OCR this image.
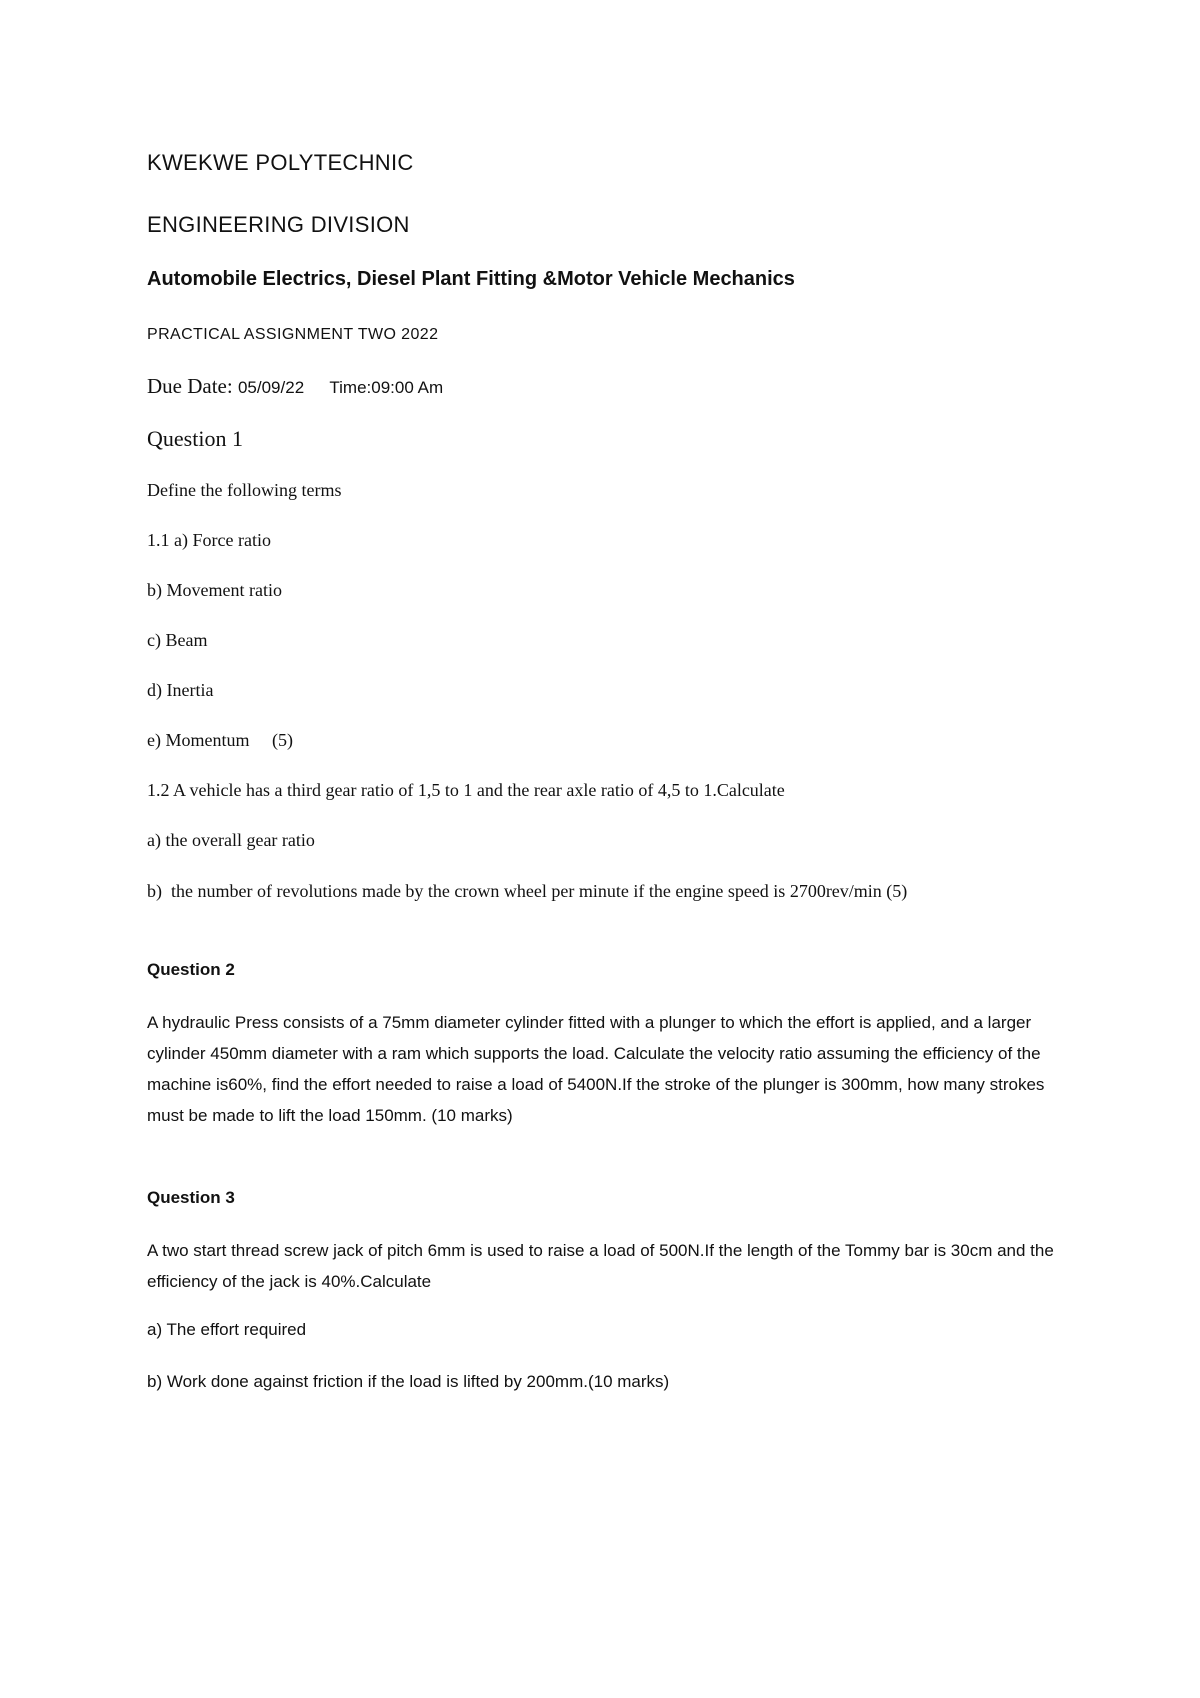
KWEKWE POLYTECHNIC
ENGINEERING DIVISION
Automobile Electrics, Diesel Plant Fitting &Motor Vehicle Mechanics
PRACTICAL ASSIGNMENT TWO 2022
Due Date: 05/09/22 Time:09:00 Am
Question 1
Define the following terms
1.1 a) Force ratio
b) Movement ratio
c) Beam
d) Inertia
e) Momentum     (5)
1.2 A vehicle has a third gear ratio of 1,5 to 1 and the rear axle ratio of 4,5 to 1.Calculate
a) the overall gear ratio
b)  the number of revolutions made by the crown wheel per minute if the engine speed is 2700rev/min (5)
Question 2
A hydraulic Press consists of a 75mm diameter cylinder fitted with a plunger to which the effort is applied, and a larger cylinder 450mm diameter with a ram which supports the load. Calculate the velocity ratio assuming the efficiency of the machine is60%, find the effort needed to raise a load of 5400N.If the stroke of the plunger is 300mm, how many strokes must be made to lift the load 150mm. (10 marks)
Question 3
A two start thread screw jack of pitch 6mm is used to raise a load of 500N.If the length of the Tommy bar is 30cm and the efficiency of the jack is 40%.Calculate
a) The effort required
b) Work done against friction if the load is lifted by 200mm.(10 marks)
